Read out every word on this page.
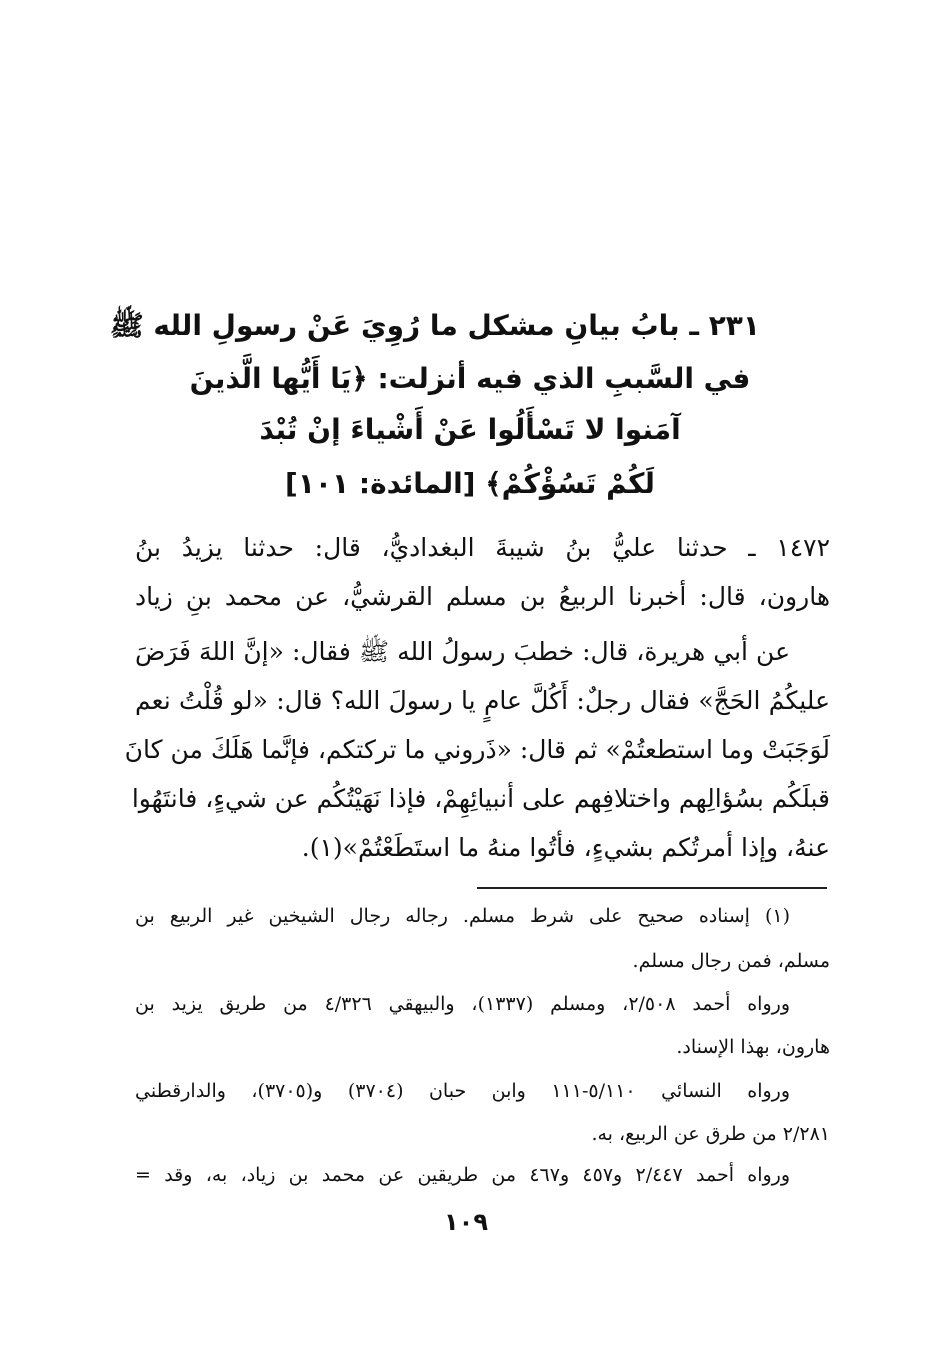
٢٣١ ـ بابُ بيانِ مشكل ما رُوِيَ عَنْ رسولِ الله ﷺ
في السَّببِ الذي فيه أنزلت: ﴿يَا أَيُّها الَّذينَ
آمَنوا لا تَسْأَلُوا عَنْ أَشْياءَ إنْ تُبْدَ
لَكُمْ تَسُؤْكُمْ﴾ [المائدة: ١٠١]
١٤٧٢ ـ حدثنا عليُّ بنُ شيبةَ البغداديُّ، قال: حدثنا يزيدُ بنُ
هارون، قال: أخبرنا الربيعُ بن مسلم القرشيُّ، عن محمد بنِ زياد
عن أبي هريرة، قال: خطبَ رسولُ الله ﷺ فقال: «إنَّ اللهَ فَرَضَ
عليكُمُ الحَجَّ» فقال رجلٌ: أَكُلَّ عامٍ يا رسولَ الله؟ قال: «لو قُلْتُ نعم
لَوَجَبَتْ وما استطعتُمْ» ثم قال: «ذَروني ما تركتكم، فإنَّما هَلَكَ من كانَ
قبلَكُم بسُؤالِهم واختلافِهم على أنبيائِهِمْ، فإذا نَهَيْتُكُم عن شيءٍ، فانتَهُوا
عنهُ، وإذا أمرتُكم بشيءٍ، فأتُوا منهُ ما استَطَعْتُمْ»(١).
(١) إسناده صحيح على شرط مسلم. رجاله رجال الشيخين غير الربيع بن
مسلم، فمن رجال مسلم.
ورواه أحمد ٢/٥٠٨، ومسلم (١٣٣٧)، والبيهقي ٤/٣٢٦ من طريق يزيد بن
هارون، بهذا الإسناد.
ورواه النسائي ٥/١١٠-١١١ وابن حبان (٣٧٠٤) و(٣٧٠٥)، والدارقطني
٢/٢٨١ من طرق عن الربيع، به.
ورواه أحمد ٢/٤٤٧ و٤٥٧ و٤٦٧ من طريقين عن محمد بن زياد، به، وقد =
١٠٩
